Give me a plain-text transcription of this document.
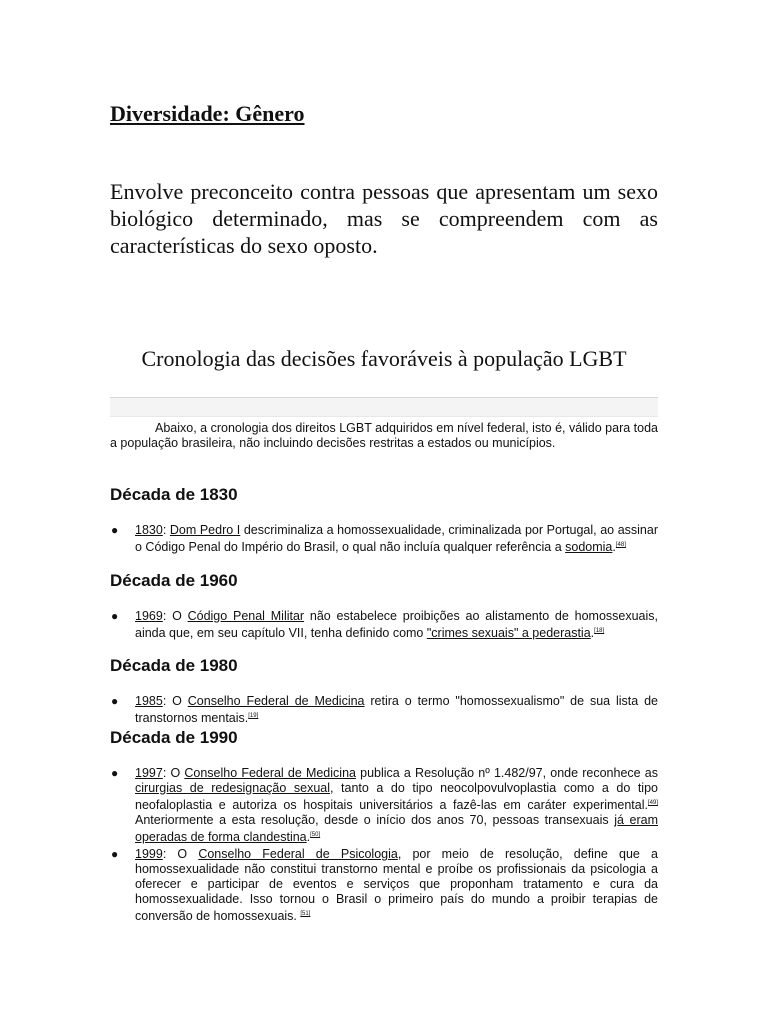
Diversidade: Gênero

Envolve preconceito contra pessoas que apresentam um sexo biológico determinado, mas se compreendem com as características do sexo oposto.

Cronologia das decisões favoráveis à população LGBT

Abaixo, a cronologia dos direitos LGBT adquiridos em nível federal, isto é, válido para toda a população brasileira, não incluindo decisões restritas a estados ou municípios.

Década de 1830
● 1830: Dom Pedro I descriminaliza a homossexualidade, criminalizada por Portugal, ao assinar o Código Penal do Império do Brasil, o qual não incluía qualquer referência a sodomia.[48]
Década de 1960
● 1969: O Código Penal Militar não estabelece proibições ao alistamento de homossexuais, ainda que, em seu capítulo VII, tenha definido como "crimes sexuais" a pederastia.[18]
Década de 1980
● 1985: O Conselho Federal de Medicina retira o termo "homossexualismo" de sua lista de transtornos mentais.[19]
Década de 1990
● 1997: O Conselho Federal de Medicina publica a Resolução nº 1.482/97, onde reconhece as cirurgias de redesignação sexual, tanto a do tipo neocolpovulvoplastia como a do tipo neofaloplastia e autoriza os hospitais universitários a fazê-las em caráter experimental.[49] Anteriormente a esta resolução, desde o início dos anos 70, pessoas transexuais já eram operadas de forma clandestina.[50]
● 1999: O Conselho Federal de Psicologia, por meio de resolução, define que a homossexualidade não constitui transtorno mental e proíbe os profissionais da psicologia a oferecer e participar de eventos e serviços que proponham tratamento e cura da homossexualidade. Isso tornou o Brasil o primeiro país do mundo a proibir terapias de conversão de homossexuais. [51]
